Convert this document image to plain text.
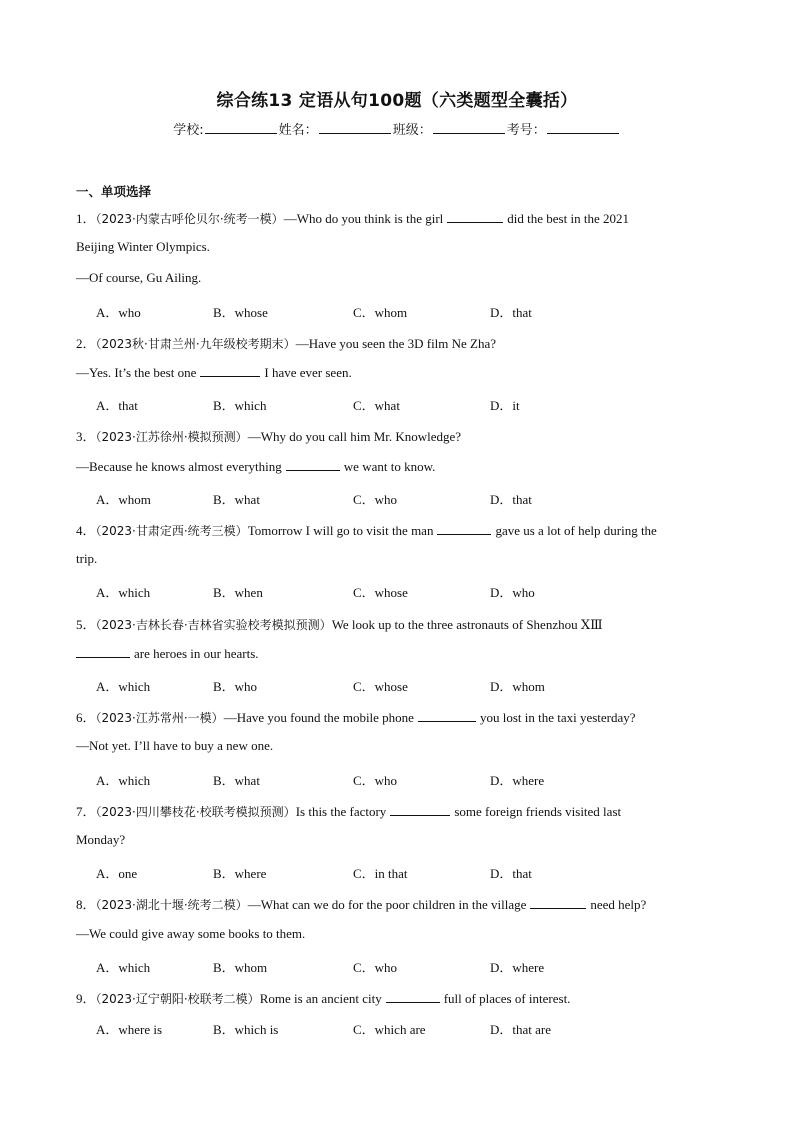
综合练13 定语从句100题（六类题型全囊括）
学校:	姓名：	班级：	考号：
一、单项选择
1．（2023·内蒙古呼伦贝尔·统考一模）—Who do you think is the girl	did the best in the 2021
Beijing Winter Olympics.
—Of course, Gu Ailing.
A．who	B．whose	C．whom	D．that
2．（2023秋·甘肃兰州·九年级校考期末）—Have you seen the 3D film Ne Zha?
—Yes. It’s the best one	I have ever seen.
A．that	B．which	C．what	D．it
3．（2023·江苏徐州·模拟预测）—Why do you call him Mr. Knowledge?
—Because he knows almost everything	we want to know.
A．whom	B．what	C．who	D．that
4．（2023·甘肃定西·统考三模）Tomorrow I will go to visit the man	gave us a lot of help during the
trip.
A．which	B．when	C．whose	D．who
5．（2023·吉林长春·吉林省实验校考模拟预测）We look up to the three astronauts of Shenzhou ⅩⅢ
are heroes in our hearts.
A．which	B．who	C．whose	D．whom
6．（2023·江苏常州·一模）—Have you found the mobile phone	you lost in the taxi yesterday?
—Not yet. I’ll have to buy a new one.
A．which	B．what	C．who	D．where
7．（2023·四川攀枝花·校联考模拟预测）Is this the factory	some foreign friends visited last
Monday?
A．one	B．where	C．in that	D．that
8．（2023·湖北十堰·统考二模）—What can we do for the poor children in the village	need help?
—We could give away some books to them.
A．which	B．whom	C．who	D．where
9．（2023·辽宁朝阳·校联考二模）Rome is an ancient city	full of places of interest.
A．where is	B．which is	C．which are	D．that are
